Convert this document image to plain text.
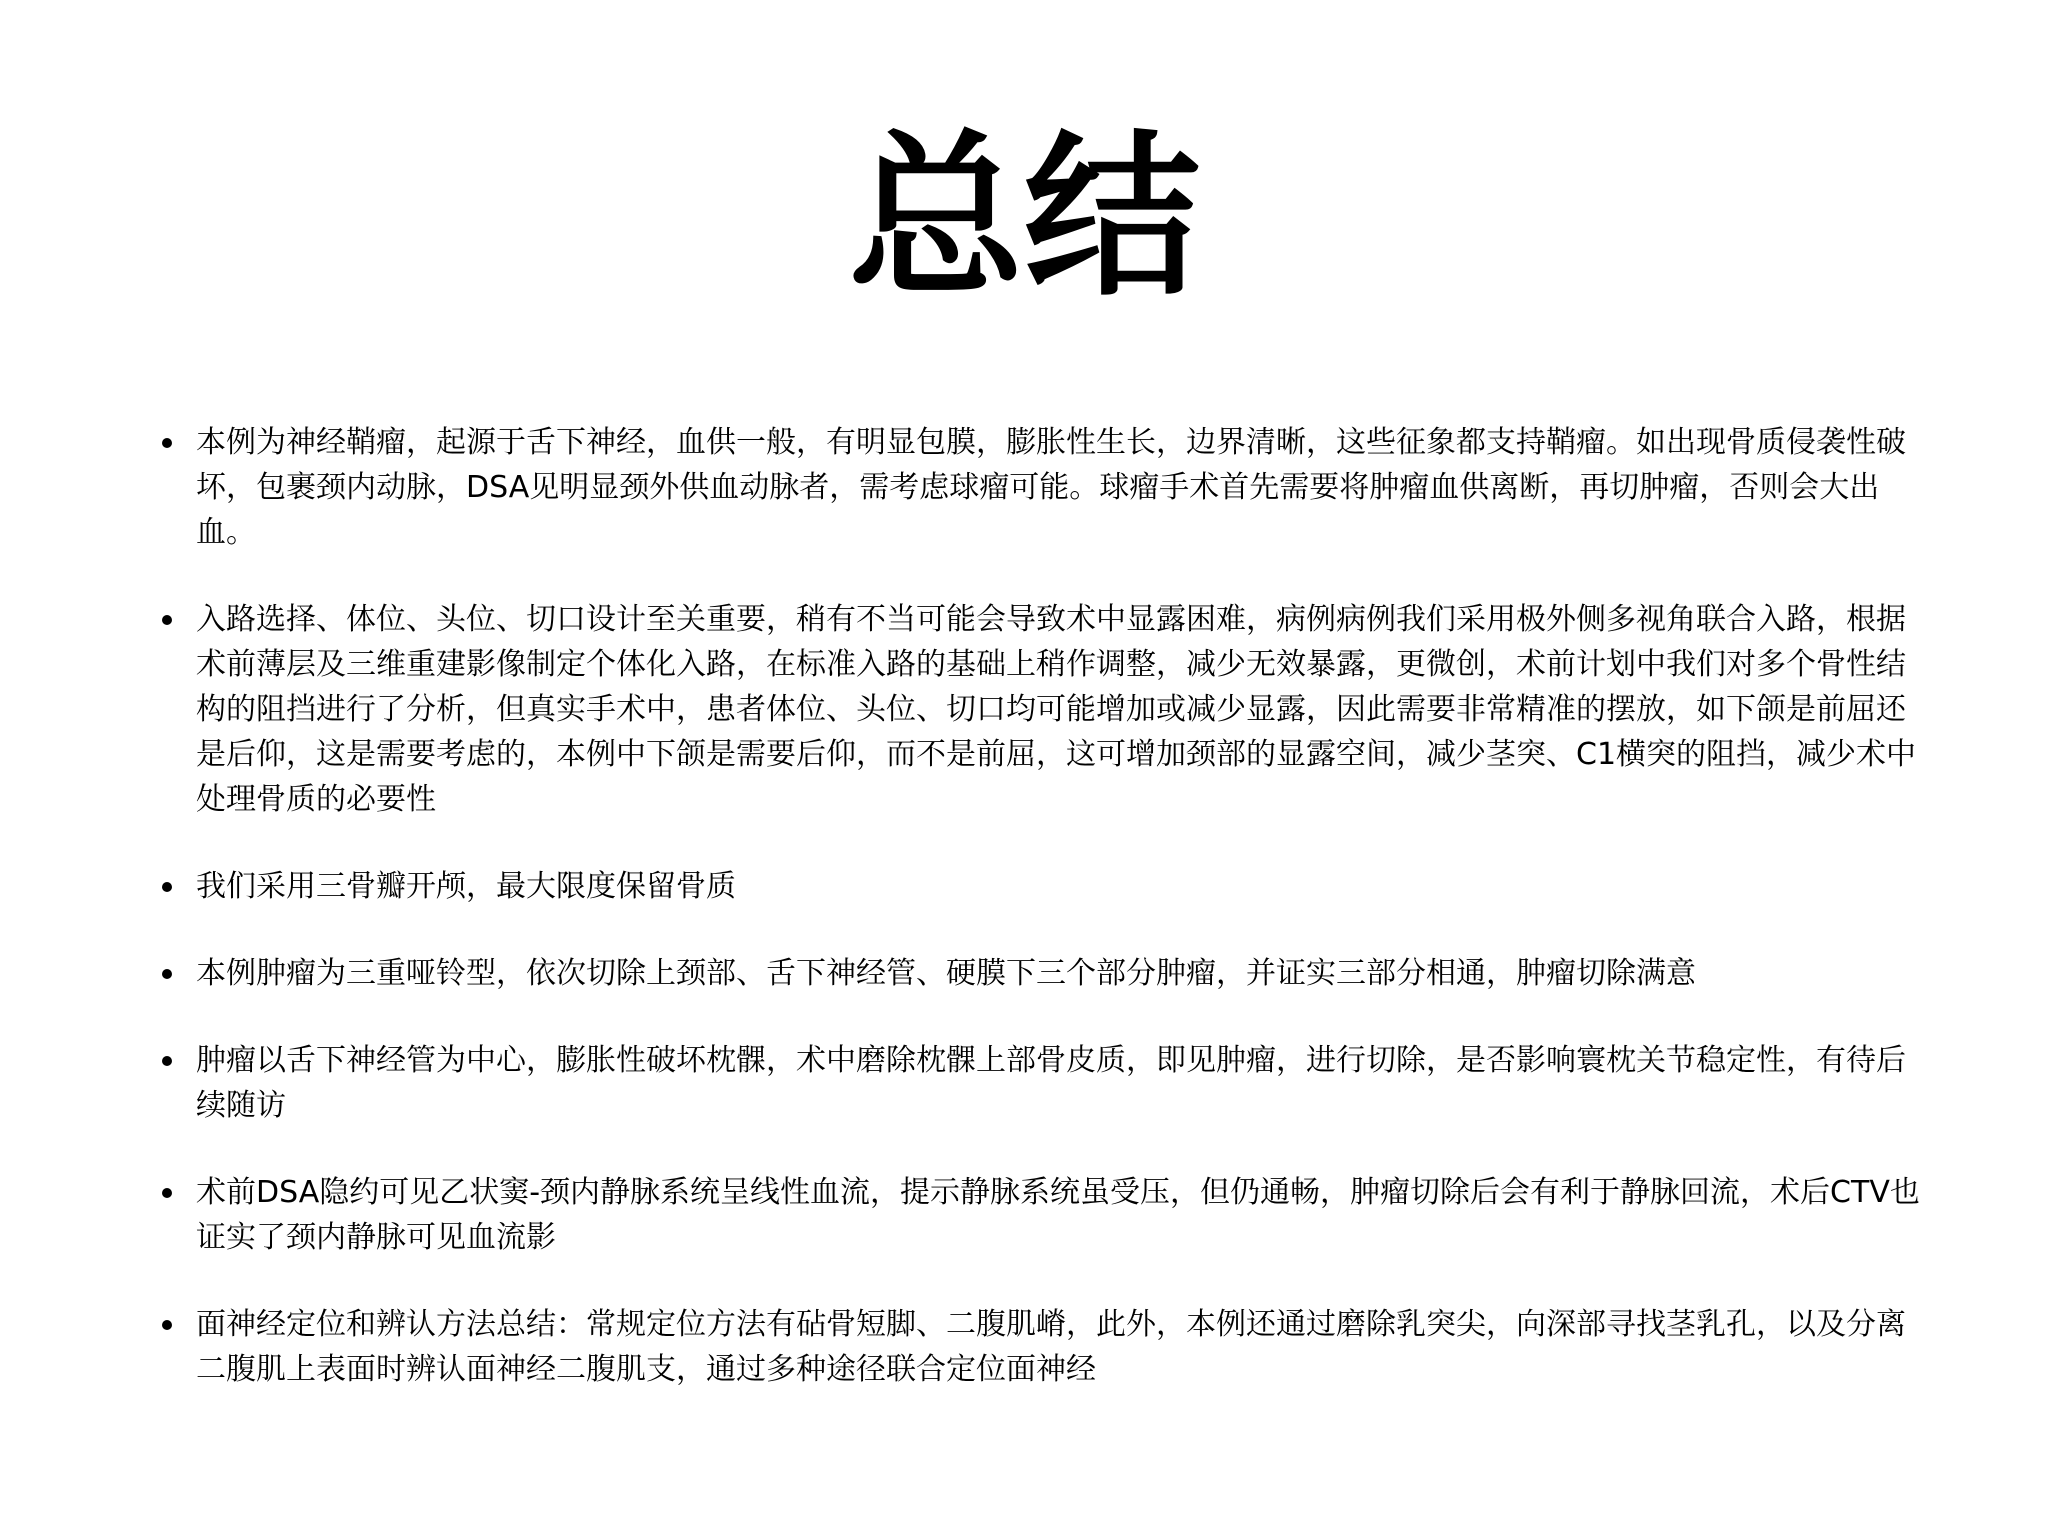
总结
本例为神经鞘瘤，起源于舌下神经，血供一般，有明显包膜，膨胀性生长，边界清晰，这些征象都支持鞘瘤。如出现骨质侵袭性破坏，包裹颈内动脉，DSA见明显颈外供血动脉者，需考虑球瘤可能。球瘤手术首先需要将肿瘤血供离断，再切肿瘤，否则会大出血。
入路选择、体位、头位、切口设计至关重要，稍有不当可能会导致术中显露困难，病例病例我们采用极外侧多视角联合入路，根据术前薄层及三维重建影像制定个体化入路，在标准入路的基础上稍作调整，减少无效暴露，更微创，术前计划中我们对多个骨性结构的阻挡进行了分析，但真实手术中，患者体位、头位、切口均可能增加或减少显露，因此需要非常精准的摆放，如下颌是前屈还是后仰，这是需要考虑的，本例中下颌是需要后仰，而不是前屈，这可增加颈部的显露空间，减少茎突、C1横突的阻挡，减少术中处理骨质的必要性
我们采用三骨瓣开颅，最大限度保留骨质
本例肿瘤为三重哑铃型，依次切除上颈部、舌下神经管、硬膜下三个部分肿瘤，并证实三部分相通，肿瘤切除满意
肿瘤以舌下神经管为中心，膨胀性破坏枕髁，术中磨除枕髁上部骨皮质，即见肿瘤，进行切除，是否影响寰枕关节稳定性，有待后续随访
术前DSA隐约可见乙状窦-颈内静脉系统呈线性血流，提示静脉系统虽受压，但仍通畅，肿瘤切除后会有利于静脉回流，术后CTV也证实了颈内静脉可见血流影
面神经定位和辨认方法总结：常规定位方法有砧骨短脚、二腹肌嵴，此外，本例还通过磨除乳突尖，向深部寻找茎乳孔，以及分离二腹肌上表面时辨认面神经二腹肌支，通过多种途径联合定位面神经
